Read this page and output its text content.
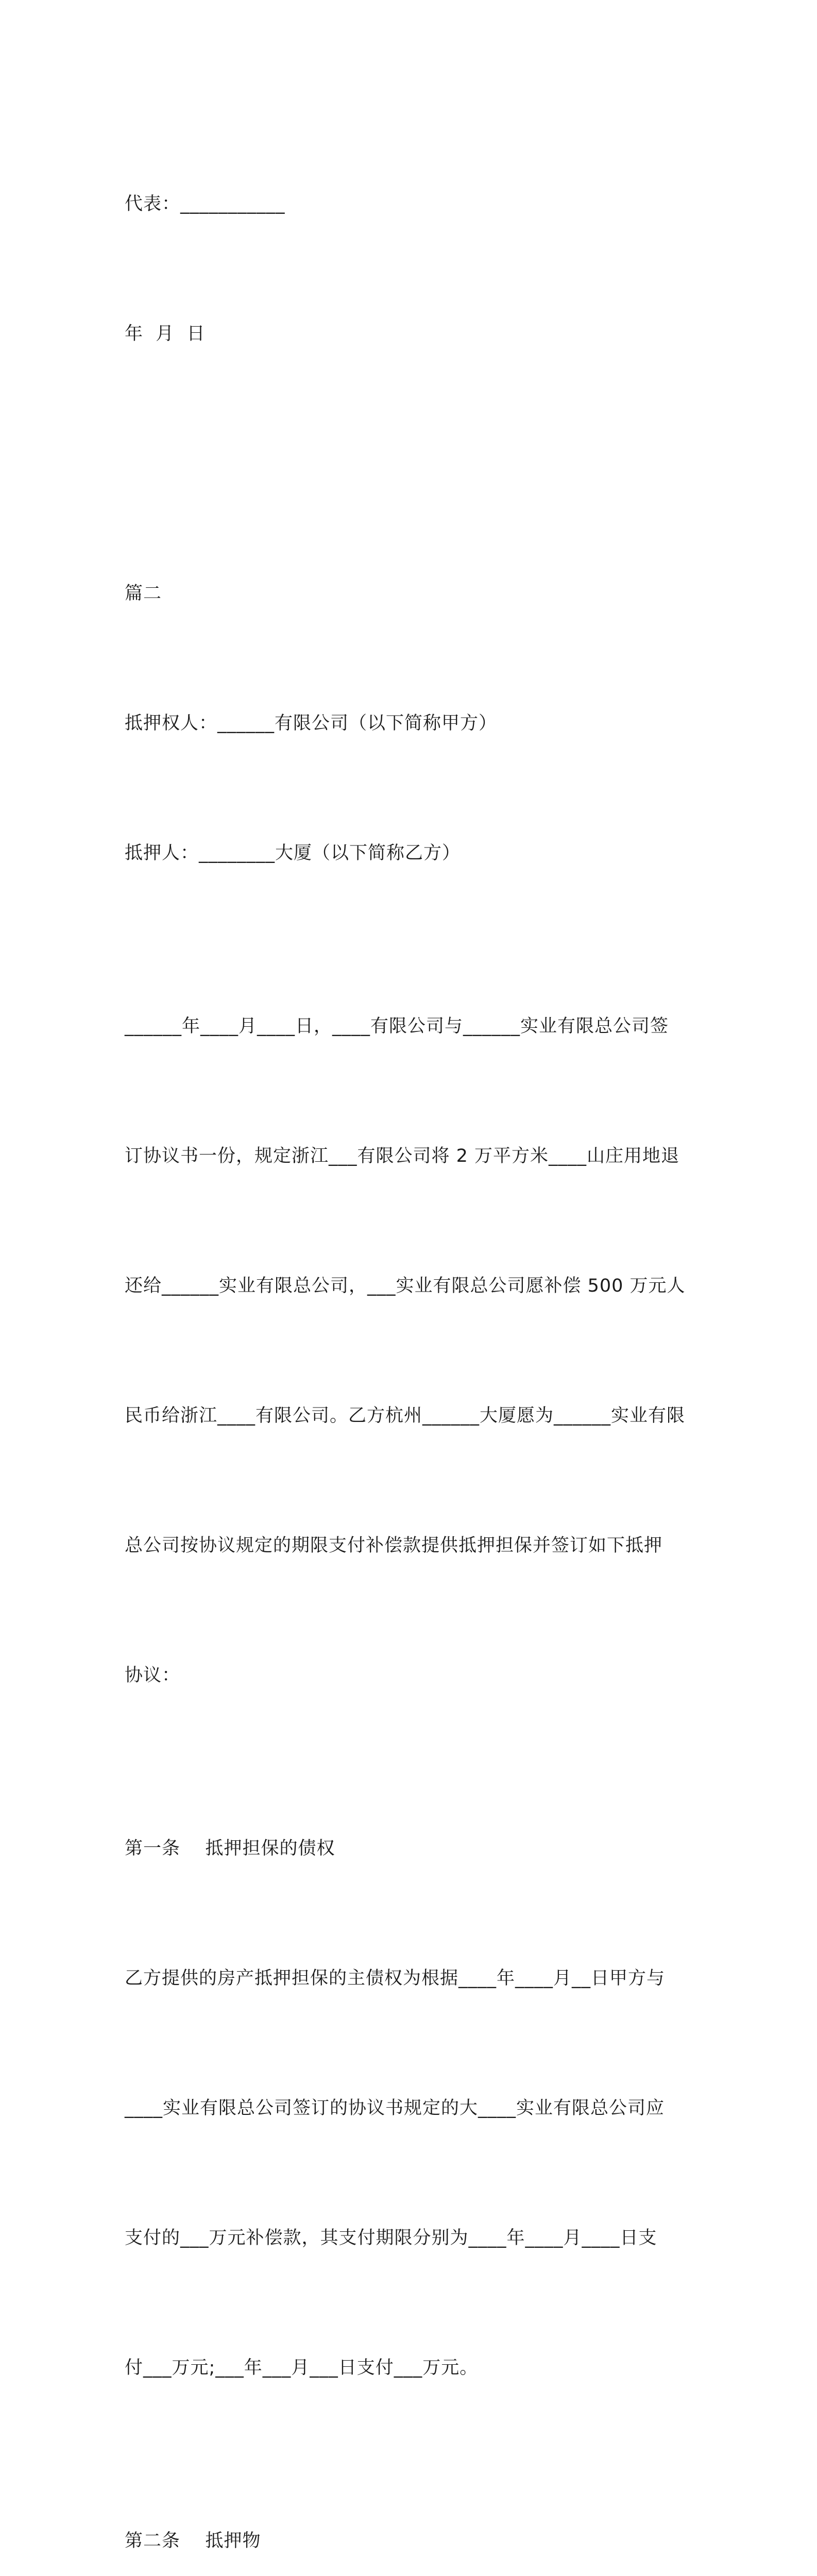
代表：___________

年  月  日

篇二

抵押权人：______有限公司（以下简称甲方）

抵押人：________大厦（以下简称乙方）

______年____月____日，____有限公司与______实业有限总公司签

订协议书一份，规定浙江___有限公司将 2 万平方米____山庄用地退

还给______实业有限总公司，___实业有限总公司愿补偿 500 万元人

民币给浙江____有限公司。乙方杭州______大厦愿为______实业有限

总公司按协议规定的期限支付补偿款提供抵押担保并签订如下抵押

协议：

第一条    抵押担保的债权

乙方提供的房产抵押担保的主债权为根据____年____月__日甲方与

____实业有限总公司签订的协议书规定的大____实业有限总公司应

支付的___万元补偿款，其支付期限分别为____年____月____日支

付___万元;___年___月___日支付___万元。

第二条    抵押物
